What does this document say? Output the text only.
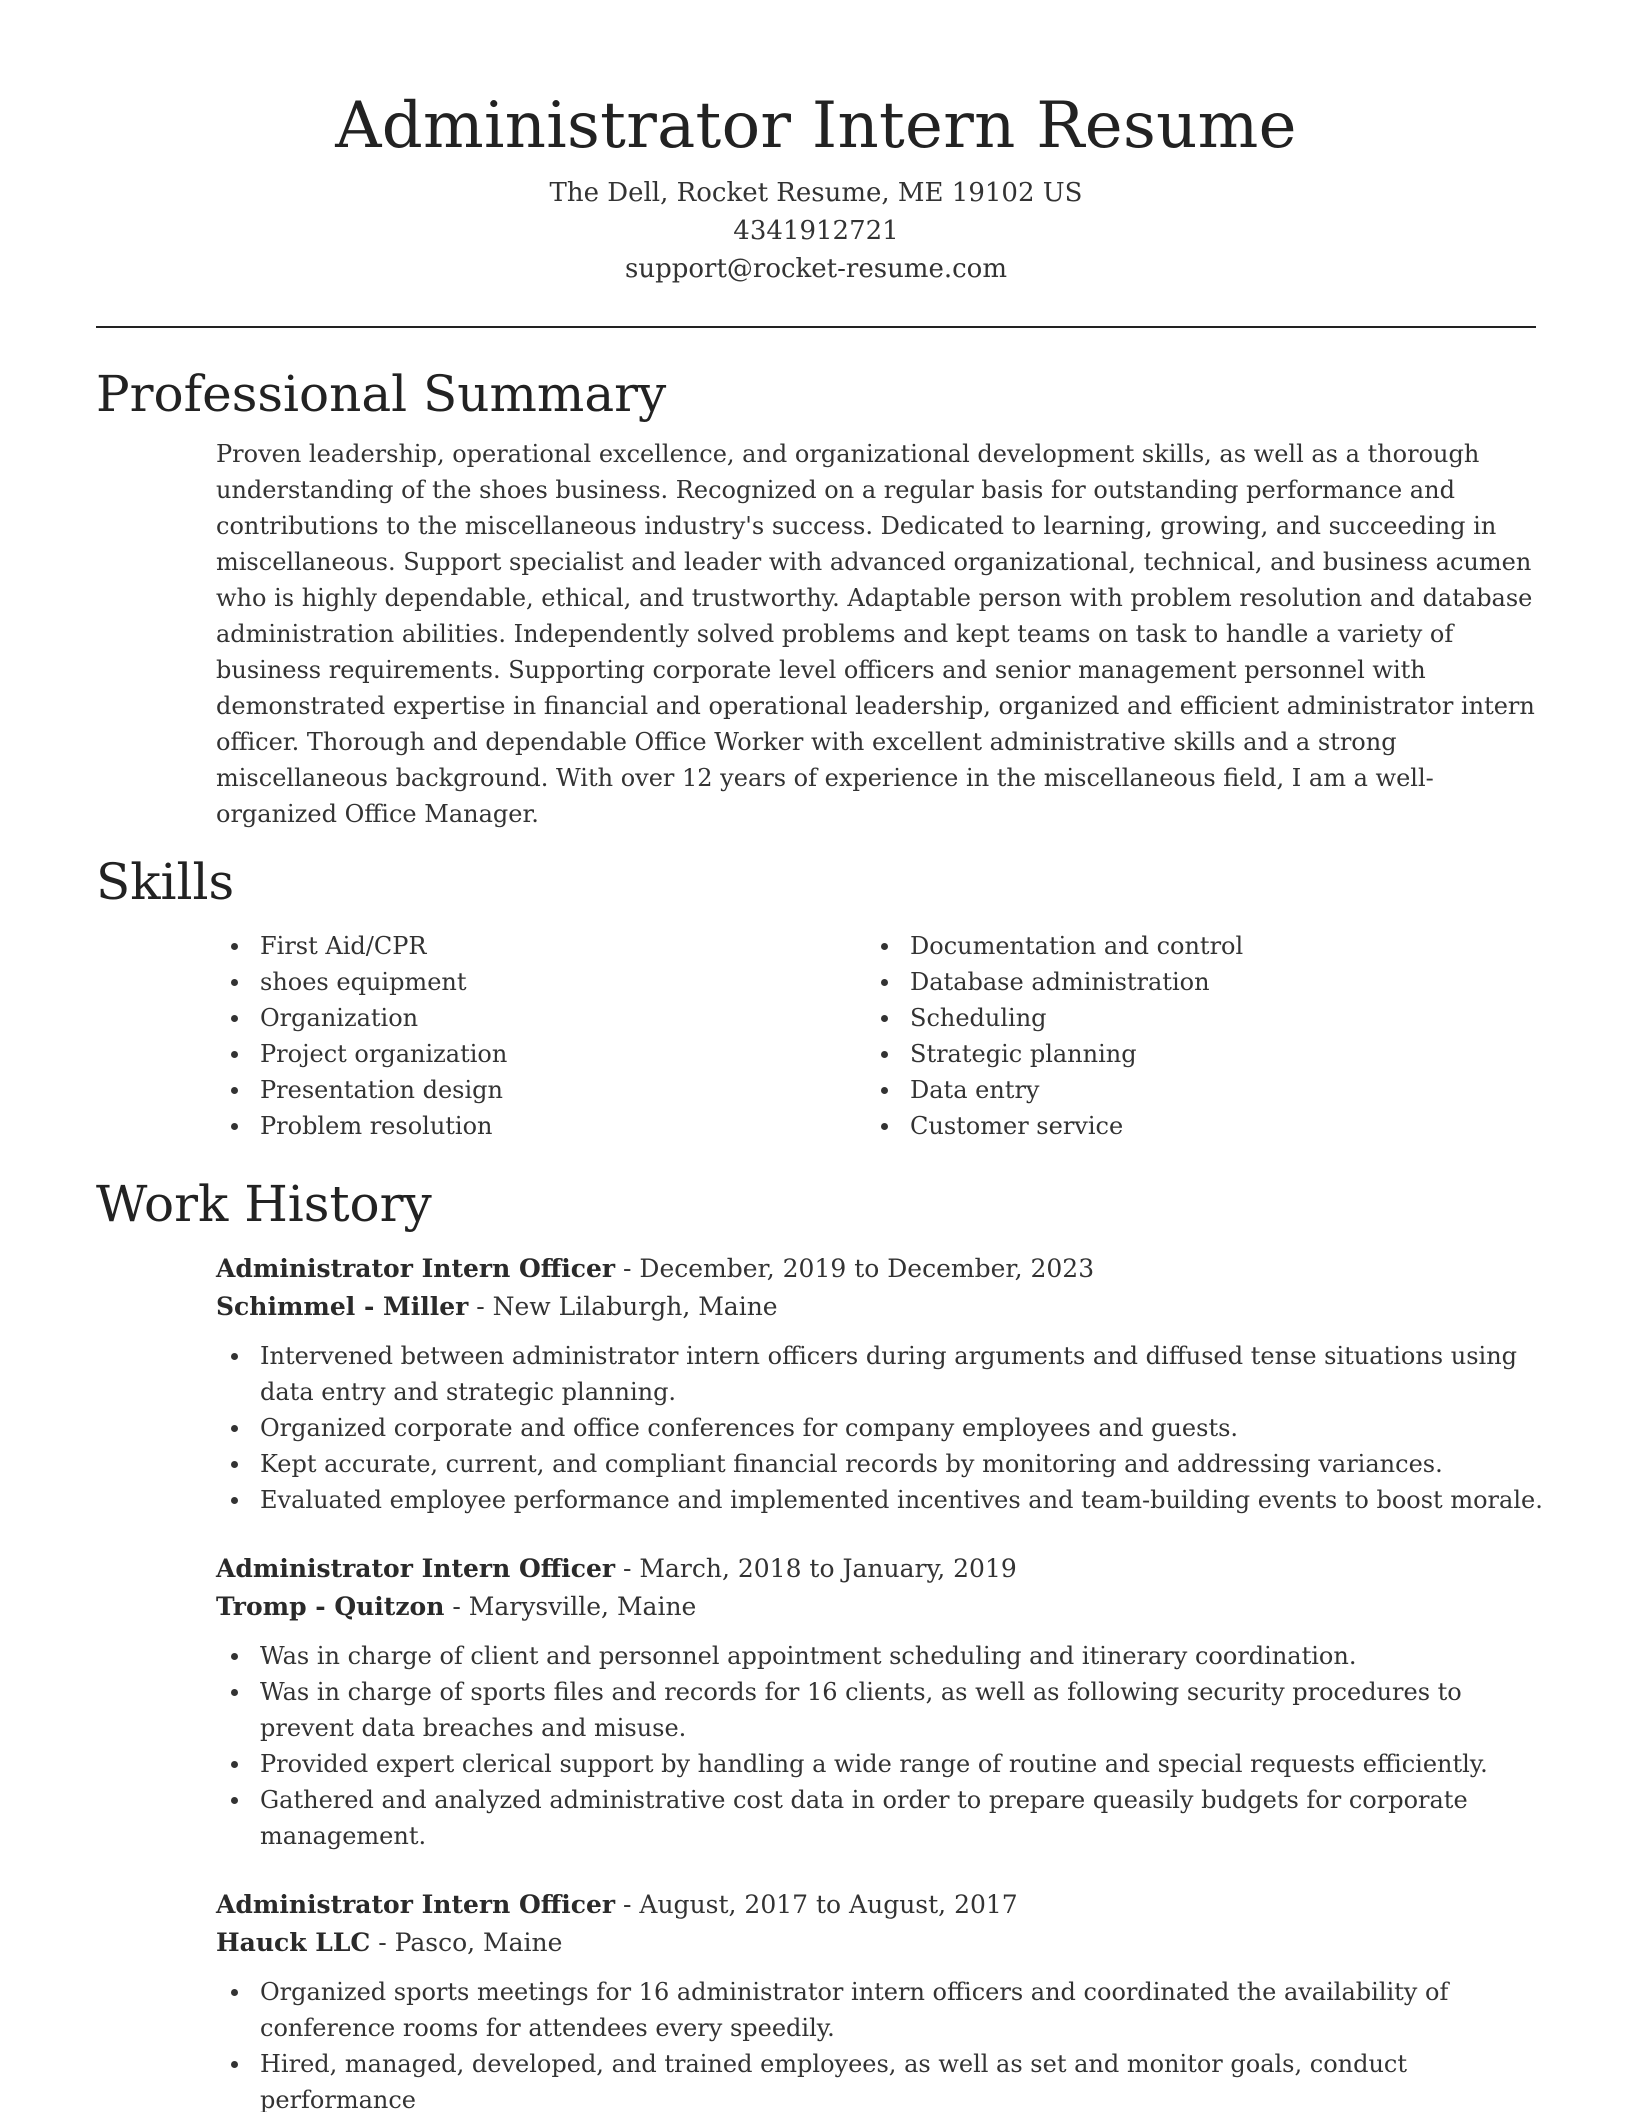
Administrator Intern Resume
The Dell, Rocket Resume, ME 19102 US
4341912721
support@rocket-resume.com
Professional Summary

Proven leadership, operational excellence, and organizational development skills, as well as a thorough understanding of the shoes business. Recognized on a regular basis for outstanding performance and contributions to the miscellaneous industry's success. Dedicated to learning, growing, and succeeding in miscellaneous. Support specialist and leader with advanced organizational, technical, and business acumen who is highly dependable, ethical, and trustworthy. Adaptable person with problem resolution and database administration abilities. Independently solved problems and kept teams on task to handle a variety of business requirements. Supporting corporate level officers and senior management personnel with demonstrated expertise in financial and operational leadership, organized and efficient administrator intern officer. Thorough and dependable Office Worker with excellent administrative skills and a strong miscellaneous background. With over 12 years of experience in the miscellaneous field, I am a well-organized Office Manager.

Skills
First Aid/CPR
shoes equipment
Organization
Project organization
Presentation design
Problem resolution
Documentation and control
Database administration
Scheduling
Strategic planning
Data entry
Customer service
Work History
Administrator Intern Officer - December, 2019 to December, 2023
Schimmel - Miller - New Lilaburgh, Maine
Intervened between administrator intern officers during arguments and diffused tense situations using data entry and strategic planning.
Organized corporate and office conferences for company employees and guests.
Kept accurate, current, and compliant financial records by monitoring and addressing variances.
Evaluated employee performance and implemented incentives and team-building events to boost morale.
Administrator Intern Officer - March, 2018 to January, 2019
Tromp - Quitzon - Marysville, Maine
Was in charge of client and personnel appointment scheduling and itinerary coordination.
Was in charge of sports files and records for 16 clients, as well as following security procedures to prevent data breaches and misuse.
Provided expert clerical support by handling a wide range of routine and special requests efficiently.
Gathered and analyzed administrative cost data in order to prepare queasily budgets for corporate management.
Administrator Intern Officer - August, 2017 to August, 2017
Hauck LLC - Pasco, Maine
Organized sports meetings for 16 administrator intern officers and coordinated the availability of conference rooms for attendees every speedily.
Hired, managed, developed, and trained employees, as well as set and monitor goals, conduct performance
